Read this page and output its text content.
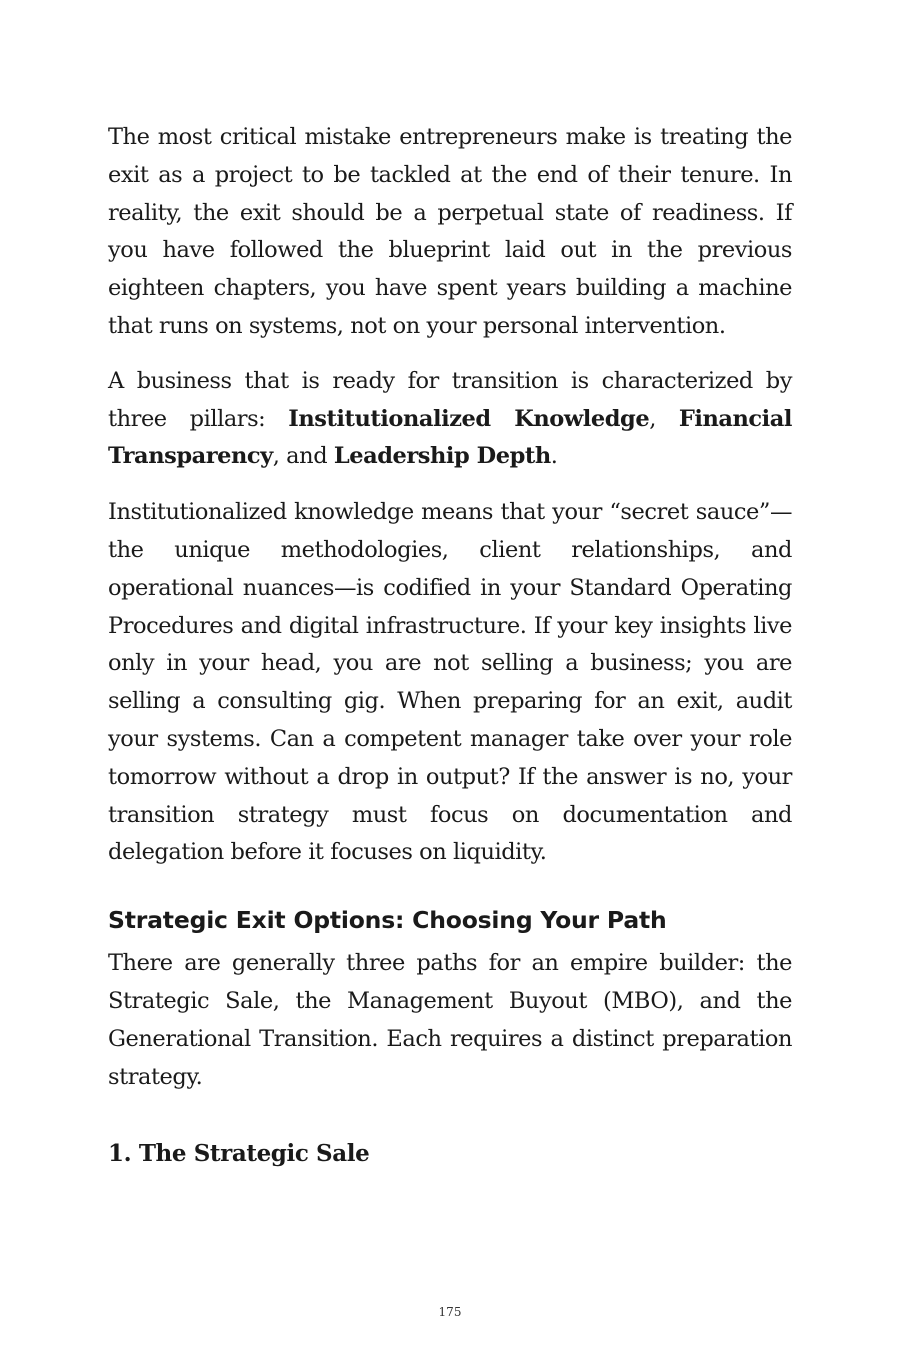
The most critical mistake entrepreneurs make is treating the exit as a project to be tackled at the end of their tenure. In reality, the exit should be a perpetual state of readiness. If you have followed the blueprint laid out in the previous eighteen chapters, you have spent years building a machine that runs on systems, not on your personal intervention.

A business that is ready for transition is characterized by three pillars: Institutionalized Knowledge, Financial Transparency, and Leadership Depth.

Institutionalized knowledge means that your “secret sauce”—the unique methodologies, client relationships, and operational nuances—is codified in your Standard Operating Procedures and digital infrastructure. If your key insights live only in your head, you are not selling a business; you are selling a consulting gig. When preparing for an exit, audit your systems. Can a competent manager take over your role tomorrow without a drop in output? If the answer is no, your transition strategy must focus on documentation and delegation before it focuses on liquidity.

Strategic Exit Options: Choosing Your Path

There are generally three paths for an empire builder: the Strategic Sale, the Management Buyout (MBO), and the Generational Transition. Each requires a distinct preparation strategy.

1. The Strategic Sale
175
